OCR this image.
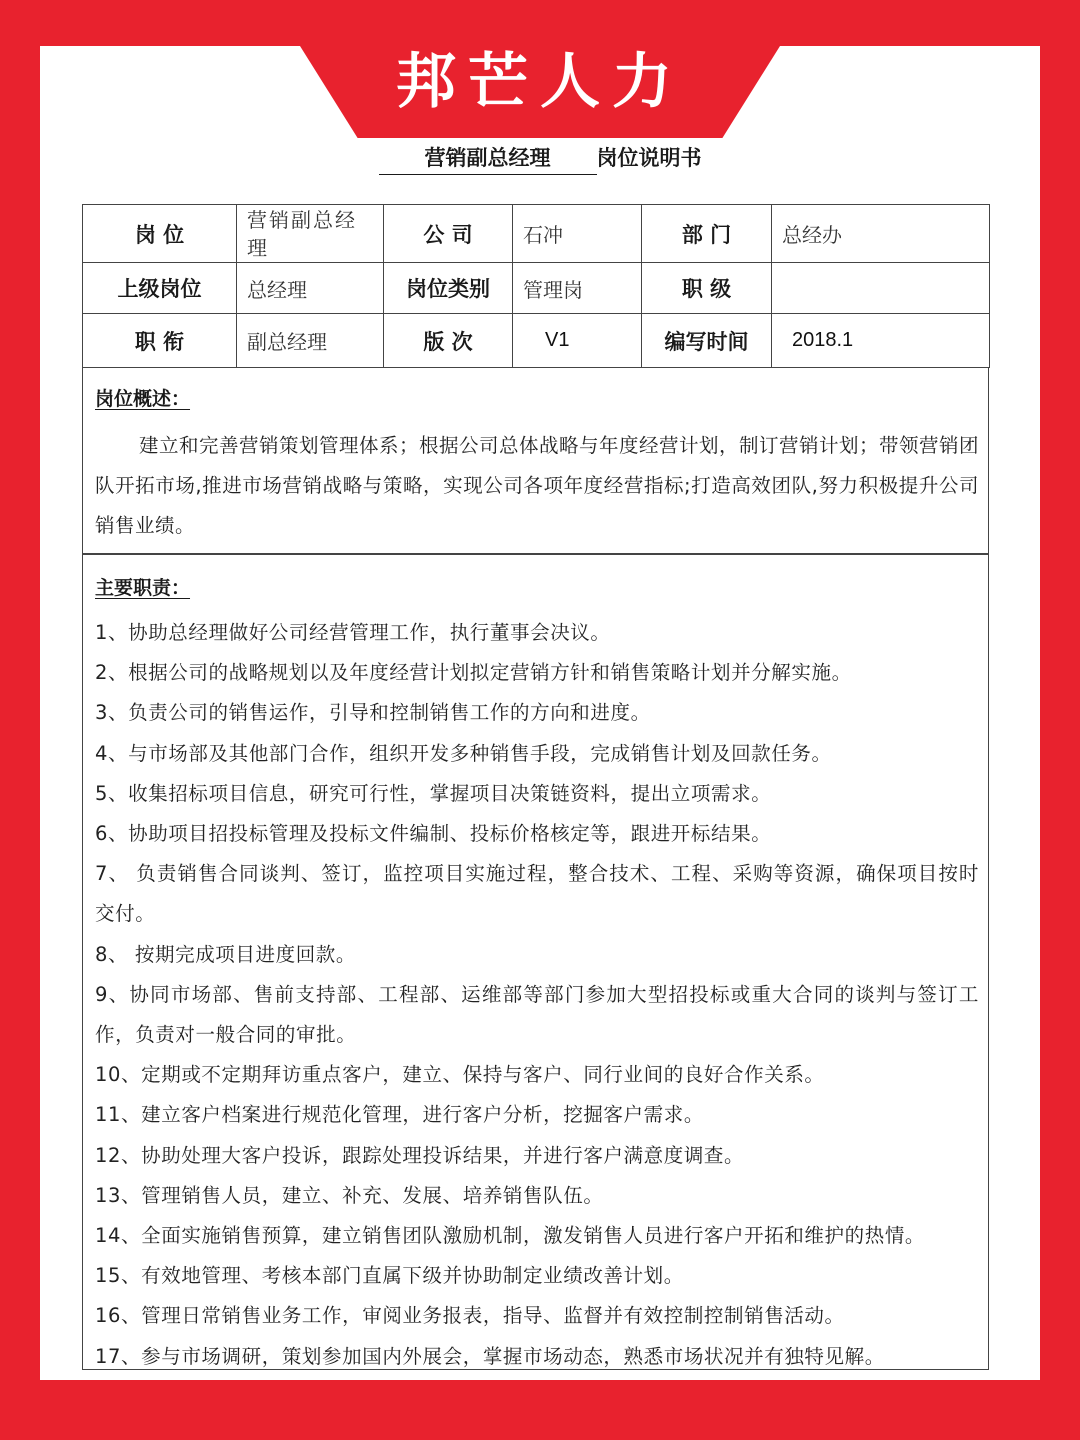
邦芒人力
营销副总经理 岗位说明书
岗 位	营销副总经理	公 司	石冲	部 门	总经办
上级岗位	总经理	岗位类别	管理岗	职 级	
职 衔	副总经理	版 次	V1	编写时间	2018.1
岗位概述：
建立和完善营销策划管理体系；根据公司总体战略与年度经营计划，制订营销计划；带领营销团队开拓市场,推进市场营销战略与策略，实现公司各项年度经营指标;打造高效团队,努力积极提升公司销售业绩。
主要职责：
1、协助总经理做好公司经营管理工作，执行董事会决议。
2、根据公司的战略规划以及年度经营计划拟定营销方针和销售策略计划并分解实施。
3、负责公司的销售运作，引导和控制销售工作的方向和进度。
4、与市场部及其他部门合作，组织开发多种销售手段，完成销售计划及回款任务。
5、收集招标项目信息，研究可行性，掌握项目决策链资料，提出立项需求。
6、协助项目招投标管理及投标文件编制、投标价格核定等，跟进开标结果。
7、 负责销售合同谈判、签订，监控项目实施过程，整合技术、工程、采购等资源，确保项目按时交付。
8、 按期完成项目进度回款。
9、协同市场部、售前支持部、工程部、运维部等部门参加大型招投标或重大合同的谈判与签订工作，负责对一般合同的审批。
10、定期或不定期拜访重点客户，建立、保持与客户、同行业间的良好合作关系。
11、建立客户档案进行规范化管理，进行客户分析，挖掘客户需求。
12、协助处理大客户投诉，跟踪处理投诉结果，并进行客户满意度调查。
13、管理销售人员，建立、补充、发展、培养销售队伍。
14、全面实施销售预算，建立销售团队激励机制，激发销售人员进行客户开拓和维护的热情。
15、有效地管理、考核本部门直属下级并协助制定业绩改善计划。
16、管理日常销售业务工作，审阅业务报表，指导、监督并有效控制控制销售活动。
17、参与市场调研，策划参加国内外展会，掌握市场动态，熟悉市场状况并有独特见解。
